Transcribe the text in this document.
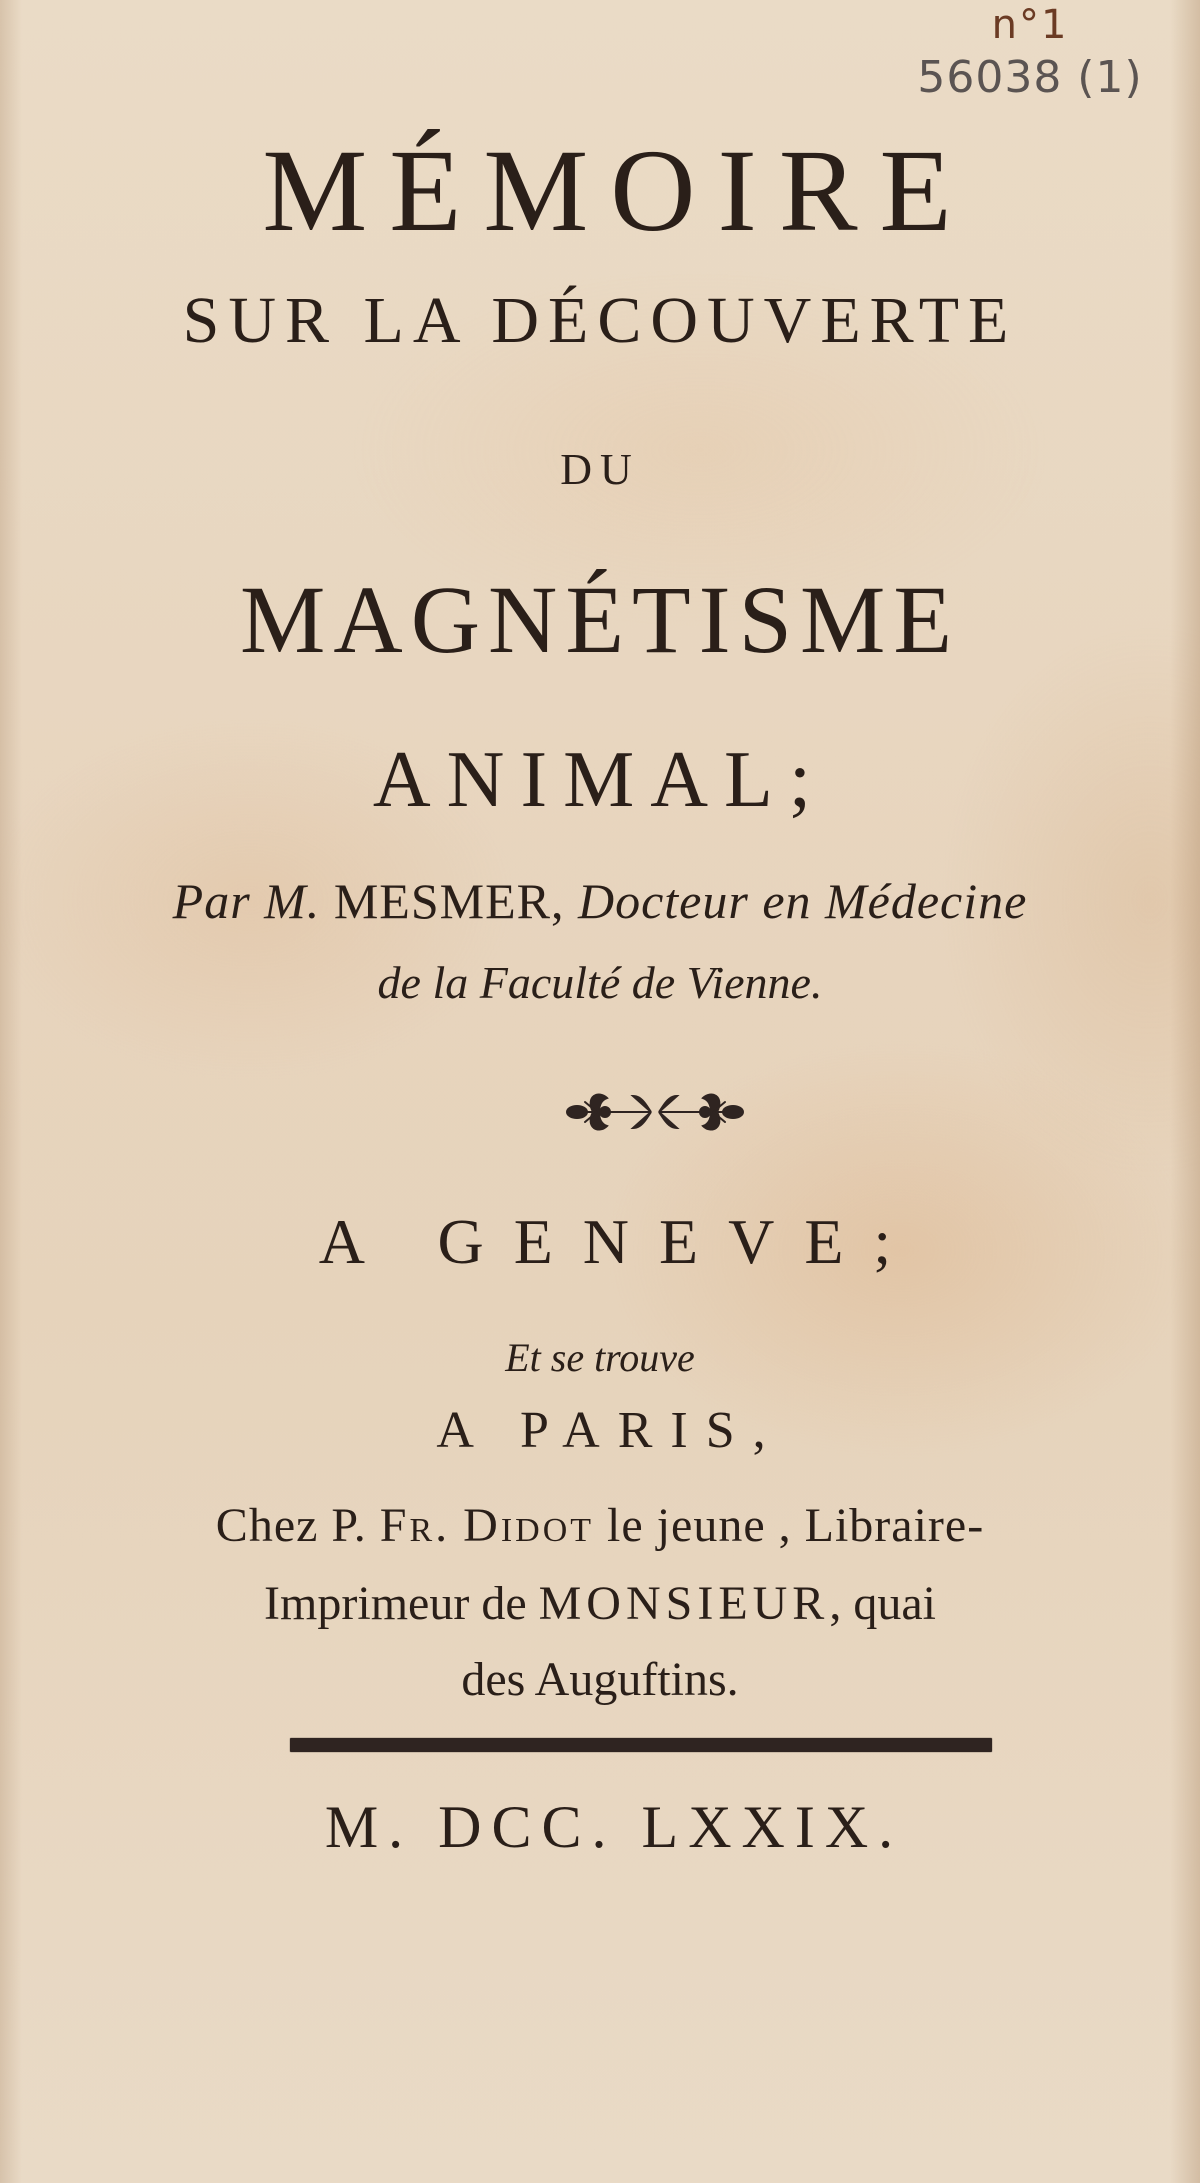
n°1
56038 (1)
MÉMOIRE
SUR LA DÉCOUVERTE
DU
MAGNÉTISME
ANIMAL;
Par M. MESMER, Docteur en Médecine
de la Faculté de Vienne.
A GENEVE;
Et se trouve
A PARIS,
Chez P. Fr. Didot le jeune , Libraire-
Imprimeur de MONSIEUR, quai
des Auguftins.
M. DCC. LXXIX.
